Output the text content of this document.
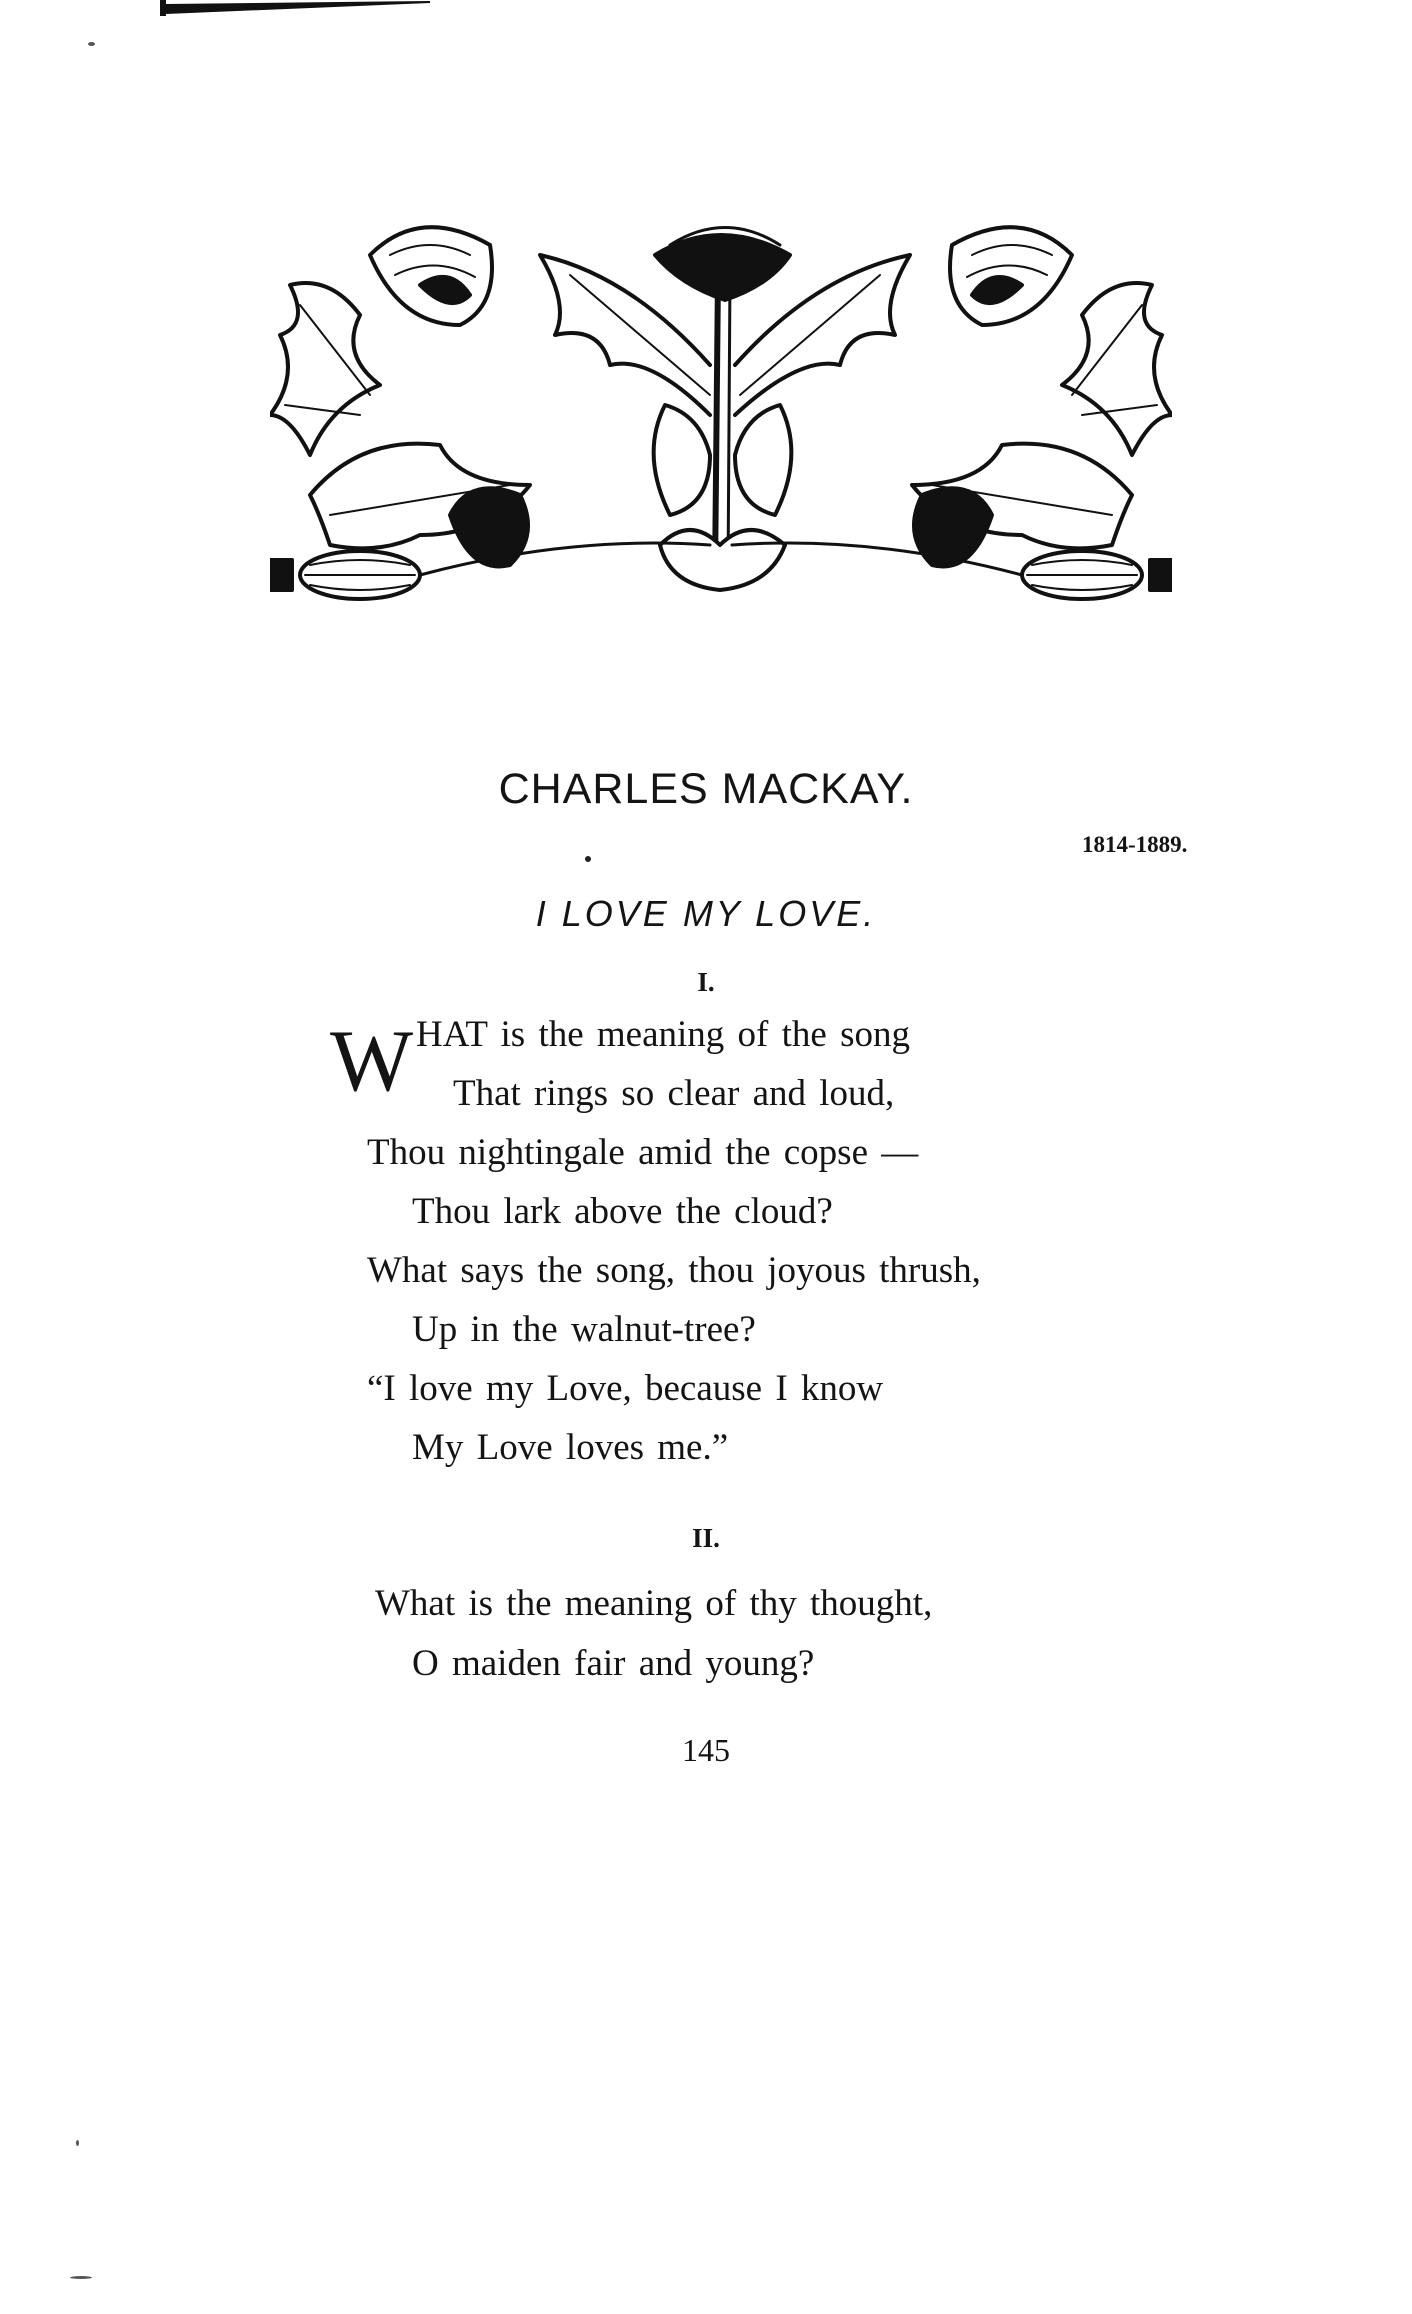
CHARLES MACKAY.
1814-1889.
I LOVE MY LOVE.
I.
W HAT is the meaning of the song
That rings so clear and loud,
Thou nightingale amid the copse —
Thou lark above the cloud?
What says the song, thou joyous thrush,
Up in the walnut-tree?
“I love my Love, because I know
My Love loves me.”
II.
What is the meaning of thy thought,
O maiden fair and young?
145
